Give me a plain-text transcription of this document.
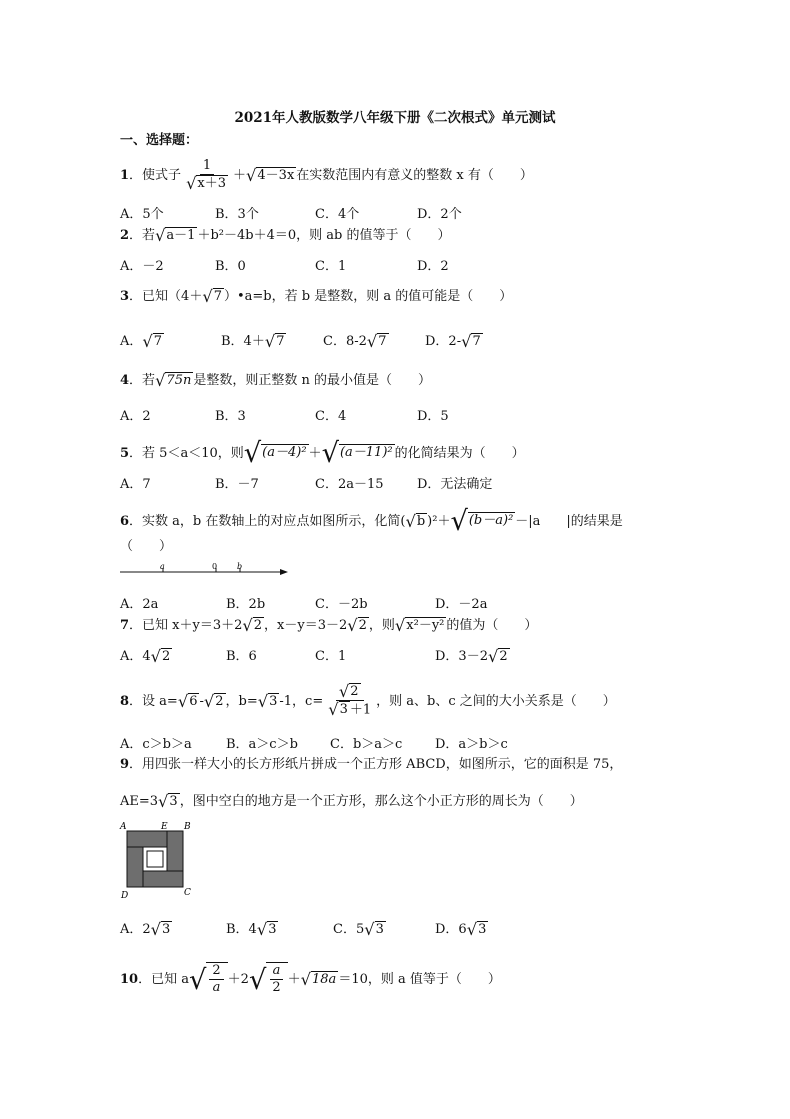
2021年人教版数学八年级下册《二次根式》单元测试
一、选择题：
1．使式子 $\frac{1}{√x+3} +√4-3x$ 在实数范围内有意义的整数 x 有（　　）
A．5个	B．3个	C．4个	D．2个
2．若√a－1 ＋b²－4b＋4＝0，则 ab 的值等于（　　）
A．－2	B．0	C．1	D．2
3．已知（4＋√7 ）•a=b，若 b 是整数，则 a 的值可能是（　　）
A．√7	B．4＋√7	C．8-2√7	D．2-√7
4．若√75n 是整数，则正整数 n 的最小值是（　　）
A．2	B．3	C．4	D．5
5．若 5＜a＜10，则√(a－4)² ＋√(a－11)² 的化简结果为（　　）
A．7	B．－7	C．2a－15	D．无法确定
6．实数 a，b 在数轴上的对应点如图所示，化简(√b )²＋√(b－a)² －|a　　|的结果是
（　　）
a	0 b
A．2a	B．2b	C．－2b	D．－2a
7．已知 x＋y＝3＋2√2 ，x－y＝3－2√2 ，则√x²－y² 的值为（　　）
A．4√2	B．6	C．1	D．3－2√2
8．设 a=√6 -√2 ，b=√3 -1，$c= \frac{√2}{√3 +1}$ ，则 a、b、c 之间的大小关系是（　　）
A．c＞b＞a	B．a＞c＞b C．b＞a＞c	D．a＞b＞c
9．用四张一样大小的长方形纸片拼成一个正方形 ABCD，如图所示，它的面积是 75，
AE=3√3 ，图中空白的地方是一个正方形，那么这个小正方形的周长为（　　）
A	E B
D	C
A．2√3	B．4√3	C．5√3	D．6√3
10．已知 $a√ \frac{2}{a} +2√ \frac{a}{2} +√18a =10$，则 a 值等于（　　）
